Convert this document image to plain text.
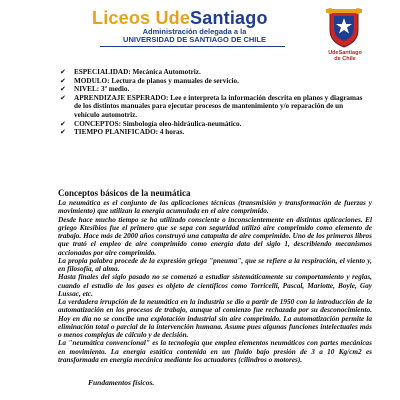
Liceos UdeSantiago
Administración delegada a la
UNIVERSIDAD DE SANTIAGO DE CHILE
UdeSantiago
de Chile
✔ ESPECIALIDAD: Mecánica Automotriz.
✔ MODULO: Lectura de planos y manuales de servicio.
✔ NIVEL: 3º medio.
✔ APRENDIZAJE ESPERADO: Lee e interpreta la información descrita en planos y diagramas de los distintos manuales para ejecutar procesos de mantenimiento y/o reparación de un vehículo automotriz.
✔ CONCEPTOS: Simbología oleo-hidráulica-neumático.
✔ TIEMPO PLANIFICADO: 4 horas.
Conceptos básicos de la neumática

La neumática es el conjunto de las aplicaciones técnicas (transmisión y transformación de fuerzas y movimiento) que utilizan la energía acumulada en el aire comprimido.

Desde hace mucho tiempo se ha utilizado consciente o inconscientemente en distintas aplicaciones. El griego Ktesibios fue el primero que se sepa con seguridad utilizó aire comprimido como elemento de trabajo. Hace más de 2000 años construyó una catapulta de aire comprimido. Uno de los primeros libros que trató el empleo de aire comprimido como energía data del siglo 1, describiendo mecanismos accionados por aire comprimido.

La propia palabra procede de la expresión griega "pneuma", que se refiere a la respiración, el viento y, en filosofía, al alma.

Hasta finales del siglo pasado no se comenzó a estudiar sistemáticamente su comportamiento y reglas, cuando el estudio de los gases es objeto de científicos como Torricelli, Pascal, Mariotte, Boyle, Gay Lussac, etc.

La verdadera irrupción de la neumática en la industria se dio a partir de 1950 con la introducción de la automatización en los procesos de trabajo, aunque al comienzo fue rechazada por su desconocimiento. Hoy en día no se concibe una explotación industrial sin aire comprimido. La automatización permite la eliminación total o parcial de la intervención humana. Asume pues algunas funciones intelectuales más o menos complejas de cálculo y de decisión.

La "neumática convencional" es la tecnología que emplea elementos neumáticos con partes mecánicas en movimiento. La energía estática contenida en un fluido bajo presión de 3 a 10 Kg/cm2 es transformada en energía mecánica mediante los actuadores (cilindros o motores).

Fundamentos físicos.
